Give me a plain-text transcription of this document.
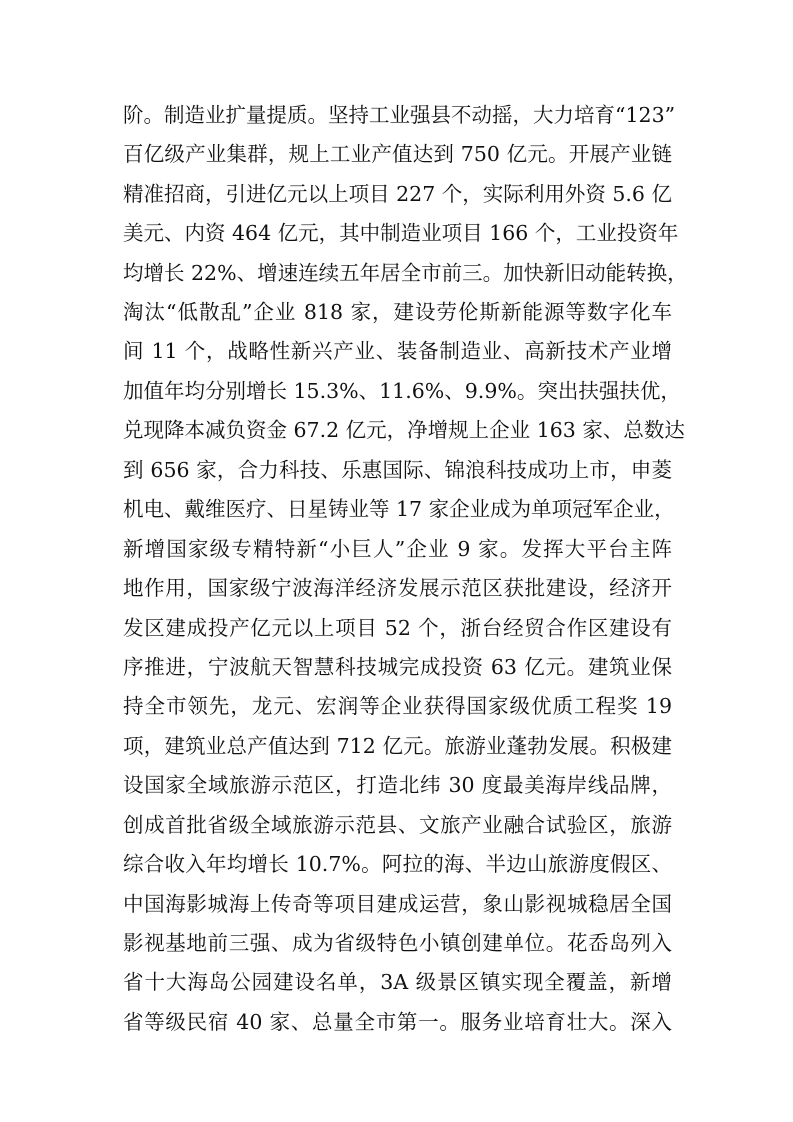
阶。制造业扩量提质。坚持工业强县不动摇，大力培育“123”
百亿级产业集群，规上工业产值达到 750 亿元。开展产业链
精准招商，引进亿元以上项目 227 个，实际利用外资 5.6 亿
美元、内资 464 亿元，其中制造业项目 166 个，工业投资年
均增长 22%、增速连续五年居全市前三。加快新旧动能转换，
淘汰“低散乱”企业 818 家，建设劳伦斯新能源等数字化车
间 11 个，战略性新兴产业、装备制造业、高新技术产业增
加值年均分别增长 15.3%、11.6%、9.9%。突出扶强扶优，
兑现降本减负资金 67.2 亿元，净增规上企业 163 家、总数达
到 656 家，合力科技、乐惠国际、锦浪科技成功上市，申菱
机电、戴维医疗、日星铸业等 17 家企业成为单项冠军企业，
新增国家级专精特新“小巨人”企业 9 家。发挥大平台主阵
地作用，国家级宁波海洋经济发展示范区获批建设，经济开
发区建成投产亿元以上项目 52 个，浙台经贸合作区建设有
序推进，宁波航天智慧科技城完成投资 63 亿元。建筑业保
持全市领先，龙元、宏润等企业获得国家级优质工程奖 19
项，建筑业总产值达到 712 亿元。旅游业蓬勃发展。积极建
设国家全域旅游示范区，打造北纬 30 度最美海岸线品牌，
创成首批省级全域旅游示范县、文旅产业融合试验区，旅游
综合收入年均增长 10.7%。阿拉的海、半边山旅游度假区、
中国海影城海上传奇等项目建成运营，象山影视城稳居全国
影视基地前三强、成为省级特色小镇创建单位。花岙岛列入
省十大海岛公园建设名单，3A 级景区镇实现全覆盖，新增
省等级民宿 40 家、总量全市第一。服务业培育壮大。深入
